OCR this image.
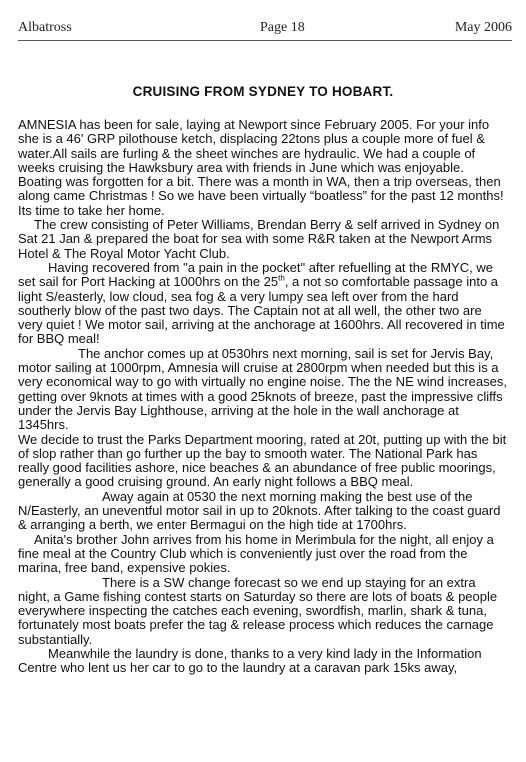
Albatross	Page 18	May 2006
CRUISING FROM SYDNEY TO HOBART.

AMNESIA has been for sale, laying at Newport since February 2005. For your info she is a 46' GRP pilothouse ketch, displacing 22tons plus a couple more of fuel & water.All sails are furling & the sheet winches are hydraulic. We had a couple of weeks cruising the Hawksbury area with friends in June which was enjoyable. Boating was forgotten for a bit. There was a month in WA, then a trip overseas, then along came Christmas ! So we have been virtually “boatless” for the past 12 months! Its time to take her home.

The crew consisting of Peter Williams, Brendan Berry & self arrived in Sydney on Sat 21 Jan & prepared the boat for sea with some R&R taken at the Newport Arms Hotel & The Royal Motor Yacht Club.

Having recovered from "a pain in the pocket" after refuelling at the RMYC, we set sail for Port Hacking at 1000hrs on the 25th, a not so comfortable passage into a light S/easterly, low cloud, sea fog & a very lumpy sea left over from the hard southerly blow of the past two days. The Captain not at all well, the other two are very quiet ! We motor sail, arriving at the anchorage at 1600hrs. All recovered in time for BBQ meal!

The anchor comes up at 0530hrs next morning, sail is set for Jervis Bay, motor sailing at 1000rpm, Amnesia will cruise at 2800rpm when needed but this is a very economical way to go with virtually no engine noise. The the NE wind increases, getting over 9knots at times with a good 25knots of breeze, past the impressive cliffs under the Jervis Bay Lighthouse, arriving at the hole in the wall anchorage at 1345hrs.

We decide to trust the Parks Department mooring, rated at 20t, putting up with the bit of slop rather than go further up the bay to smooth water. The National Park has really good facilities ashore, nice beaches & an abundance of free public moorings, generally a good cruising ground. An early night follows a BBQ meal.

Away again at 0530 the next morning making the best use of the N/Easterly, an uneventful motor sail in up to 20knots. After talking to the coast guard & arranging a berth, we enter Bermagui on the high tide at 1700hrs.

Anita's brother John arrives from his home in Merimbula for the night, all enjoy a fine meal at the Country Club which is conveniently just over the road from the marina, free band, expensive pokies.

There is a SW change forecast so we end up staying for an extra night, a Game fishing contest starts on Saturday so there are lots of boats & people everywhere inspecting the catches each evening, swordfish, marlin, shark & tuna, fortunately most boats prefer the tag & release process which reduces the carnage substantially.

Meanwhile the laundry is done, thanks to a very kind lady in the Information Centre who lent us her car to go to the laundry at a caravan park 15ks away,
